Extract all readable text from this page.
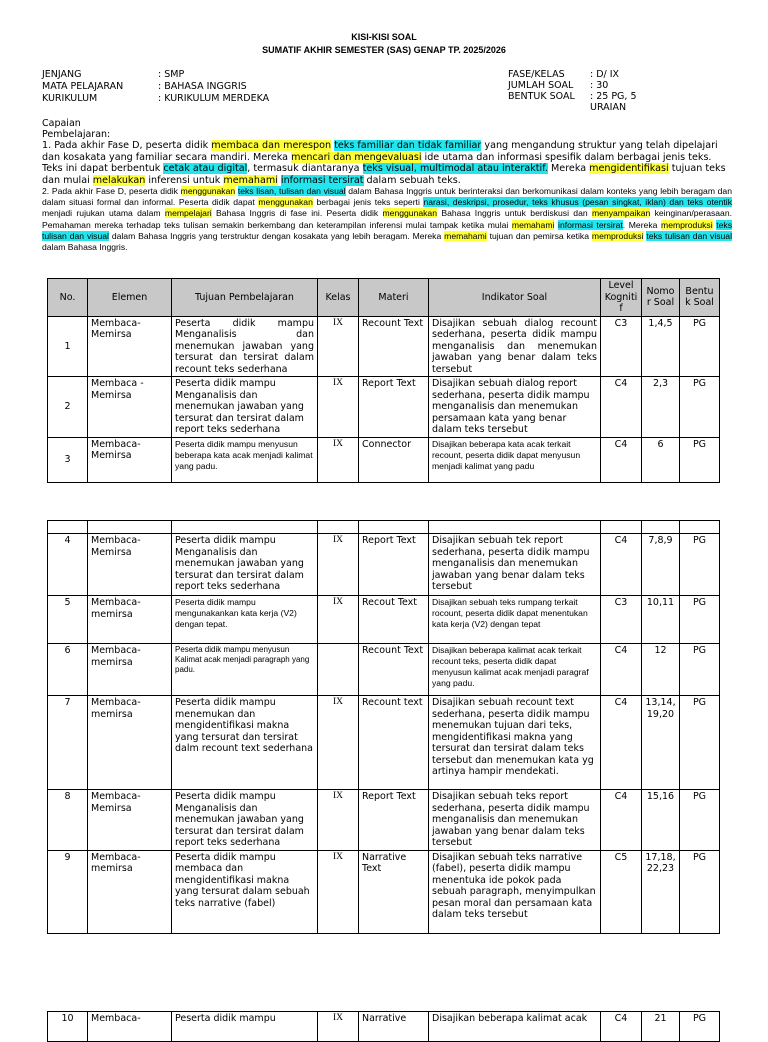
KISI-KISI SOAL
SUMATIF AKHIR SEMESTER (SAS) GENAP TP. 2025/2026
JENJANG	: SMP
MATA PELAJARAN	: BAHASA INGGRIS
KURIKULUM	: KURIKULUM MERDEKA
FASE/KELAS	: D/ IX
JUMLAH SOAL : 30
BENTUK SOAL : 25 PG, 5
URAIAN
Capaian
Pembelajaran:
1. Pada akhir Fase D, peserta didik membaca dan merespon teks familiar dan tidak familiar yang mengandung struktur yang telah dipelajari dan kosakata yang familiar secara mandiri. Mereka mencari dan mengevaluasi ide utama dan informasi spesifik dalam berbagai jenis teks. Teks ini dapat berbentuk cetak atau digital, termasuk diantaranya teks visual, multimodal atau interaktif. Mereka mengidentifikasi tujuan teks dan mulai melakukan inferensi untuk memahami informasi tersirat dalam sebuah teks.
2. Pada akhir Fase D, peserta didik menggunakan teks lisan, tulisan dan visual dalam Bahasa Inggris untuk berinteraksi dan berkomunikasi dalam konteks yang lebih beragam dan dalam situasi formal dan informal. Peserta didik dapat menggunakan berbagai jenis teks seperti narasi, deskripsi, prosedur, teks khusus (pesan singkat, iklan) dan teks otentik menjadi rujukan utama dalam mempelajari Bahasa Inggris di fase ini. Peserta didik menggunakan Bahasa Inggris untuk berdiskusi dan menyampaikan keinginan/perasaan. Pemahaman mereka terhadap teks tulisan semakin berkembang dan keterampilan inferensi mulai tampak ketika mulai memahami informasi tersirat. Mereka memproduksi teks tulisan dan visual dalam Bahasa Inggris yang terstruktur dengan kosakata yang lebih beragam. Mereka memahami tujuan dan pemirsa ketika memproduksi teks tulisan dan visual dalam Bahasa Inggris.
No.	Elemen	Tujuan Pembelajaran	Kelas	Materi	Indikator Soal	Level Kogniti f	Nomo r Soal	Bentu k Soal
1	Membaca-Memirsa	Peserta didik mampu Menganalisis dan menemukan jawaban yang tersurat dan tersirat dalam recount teks sederhana	IX	Recount Text	Disajikan sebuah dialog recount sederhana, peserta didik mampu menganalisis dan menemukan jawaban yang benar dalam teks tersebut	C3	1,4,5	PG
2	Membaca - Memirsa	Peserta didik mampu Menganalisis dan menemukan jawaban yang tersurat dan tersirat dalam report teks sederhana	IX	Report Text	Disajikan sebuah dialog report sederhana, peserta didik mampu menganalisis dan menemukan persamaan kata yang benar dalam teks tersebut	C4	2,3	PG
3	Membaca-Memirsa	Peserta didik mampu menyusun beberapa kata acak menjadi kalimat yang padu.	IX	Connector	Disajikan beberapa kata acak terkait recount, peserta didik dapat menyusun menjadi kalimat yang padu	C4	6	PG

4	Membaca-Memirsa	Peserta didik mampu Menganalisis dan menemukan jawaban yang tersurat dan tersirat dalam report teks sederhana	IX	Report Text	Disajikan sebuah tek report sederhana, peserta didik mampu menganalisis dan menemukan jawaban yang benar dalam teks tersebut	C4	7,8,9	PG
5	Membaca-memirsa	Peserta didik mampu mengunakankan kata kerja (V2) dengan tepat.	IX	Recout Text	Disajikan sebuah teks rumpang terkait rocount, peserta didik dapat menentukan kata kerja (V2) dengan tepat	C3	10,11	PG
6	Membaca-memirsa	Peserta didik mampu menyusun Kalimat acak menjadi paragraph yang padu.		Recount Text	Disajikan beberapa kalimat acak terkait recount teks, peserta didik dapat menyusun kalimat acak menjadi paragraf yang padu.	C4	12	PG
7	Membaca-memirsa	Peserta didik mampu menemukan dan mengidentifikasi makna yang tersurat dan tersirat dalm recount text sederhana	IX	Recount text	Disajikan sebuah recount text sederhana, peserta didik mampu menemukan tujuan dari teks, mengidentifikasi makna yang tersurat dan tersirat dalam teks tersebut dan menemukan kata yg artinya hampir mendekati.	C4	13,14, 19,20	PG
8	Membaca-Memirsa	Peserta didik mampu Menganalisis dan menemukan jawaban yang tersurat dan tersirat dalam report teks sederhana	IX	Report Text	Disajikan sebuah teks report sederhana, peserta didik mampu menganalisis dan menemukan jawaban yang benar dalam teks tersebut	C4	15,16	PG
9	Membaca-memirsa	Peserta didik mampu membaca dan mengidentifikasi makna yang tersurat dalam sebuah teks narrative (fabel)	IX	Narrative Text	Disajikan sebuah teks narrative (fabel), peserta didik mampu menentuka ide pokok pada sebuah paragraph, menyimpulkan pesan moral dan persamaan kata dalam teks tersebut	C5	17,18, 22,23	PG
10	Membaca-	Peserta didik mampu	IX	Narrative	Disajikan beberapa kalimat acak	C4	21	PG
